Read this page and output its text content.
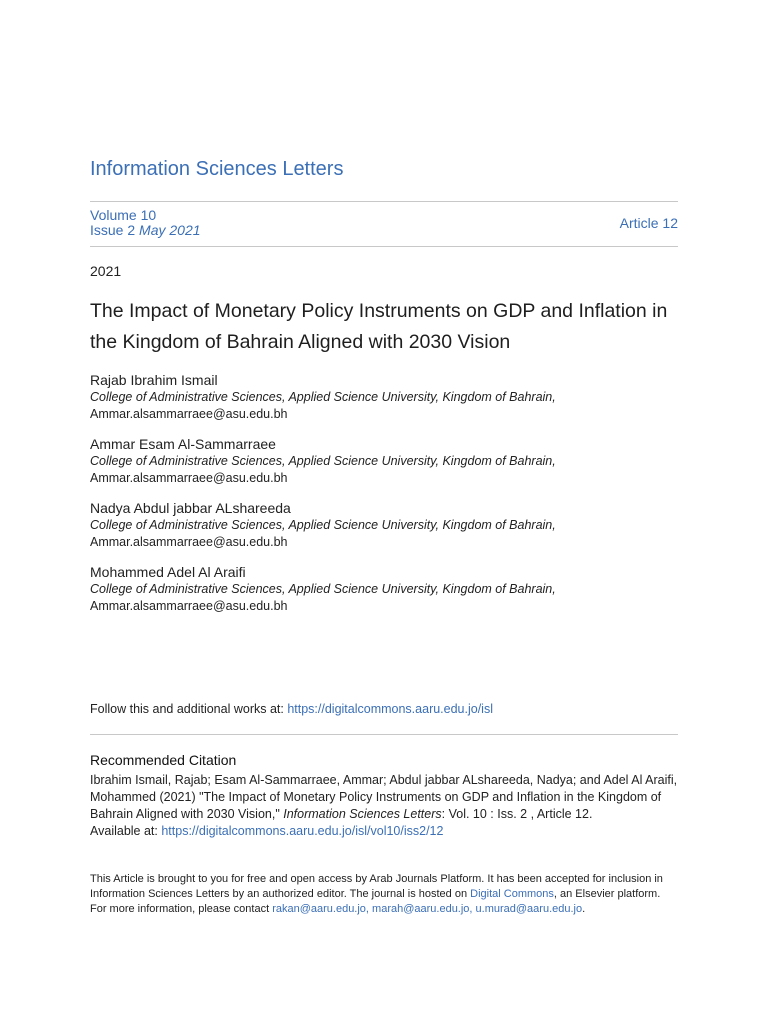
Information Sciences Letters
Volume 10
Issue 2 May 2021	Article 12
2021
The Impact of Monetary Policy Instruments on GDP and Inflation in the Kingdom of Bahrain Aligned with 2030 Vision
Rajab Ibrahim Ismail
College of Administrative Sciences, Applied Science University, Kingdom of Bahrain,
Ammar.alsammarraee@asu.edu.bh
Ammar Esam Al-Sammarraee
College of Administrative Sciences, Applied Science University, Kingdom of Bahrain,
Ammar.alsammarraee@asu.edu.bh
Nadya Abdul jabbar ALshareeda
College of Administrative Sciences, Applied Science University, Kingdom of Bahrain,
Ammar.alsammarraee@asu.edu.bh
Mohammed Adel Al Araifi
College of Administrative Sciences, Applied Science University, Kingdom of Bahrain,
Ammar.alsammarraee@asu.edu.bh
Follow this and additional works at: https://digitalcommons.aaru.edu.jo/isl
Recommended Citation
Ibrahim Ismail, Rajab; Esam Al-Sammarraee, Ammar; Abdul jabbar ALshareeda, Nadya; and Adel Al Araifi, Mohammed (2021) "The Impact of Monetary Policy Instruments on GDP and Inflation in the Kingdom of Bahrain Aligned with 2030 Vision," Information Sciences Letters: Vol. 10 : Iss. 2 , Article 12.
Available at: https://digitalcommons.aaru.edu.jo/isl/vol10/iss2/12
This Article is brought to you for free and open access by Arab Journals Platform. It has been accepted for inclusion in Information Sciences Letters by an authorized editor. The journal is hosted on Digital Commons, an Elsevier platform. For more information, please contact rakan@aaru.edu.jo, marah@aaru.edu.jo, u.murad@aaru.edu.jo.
